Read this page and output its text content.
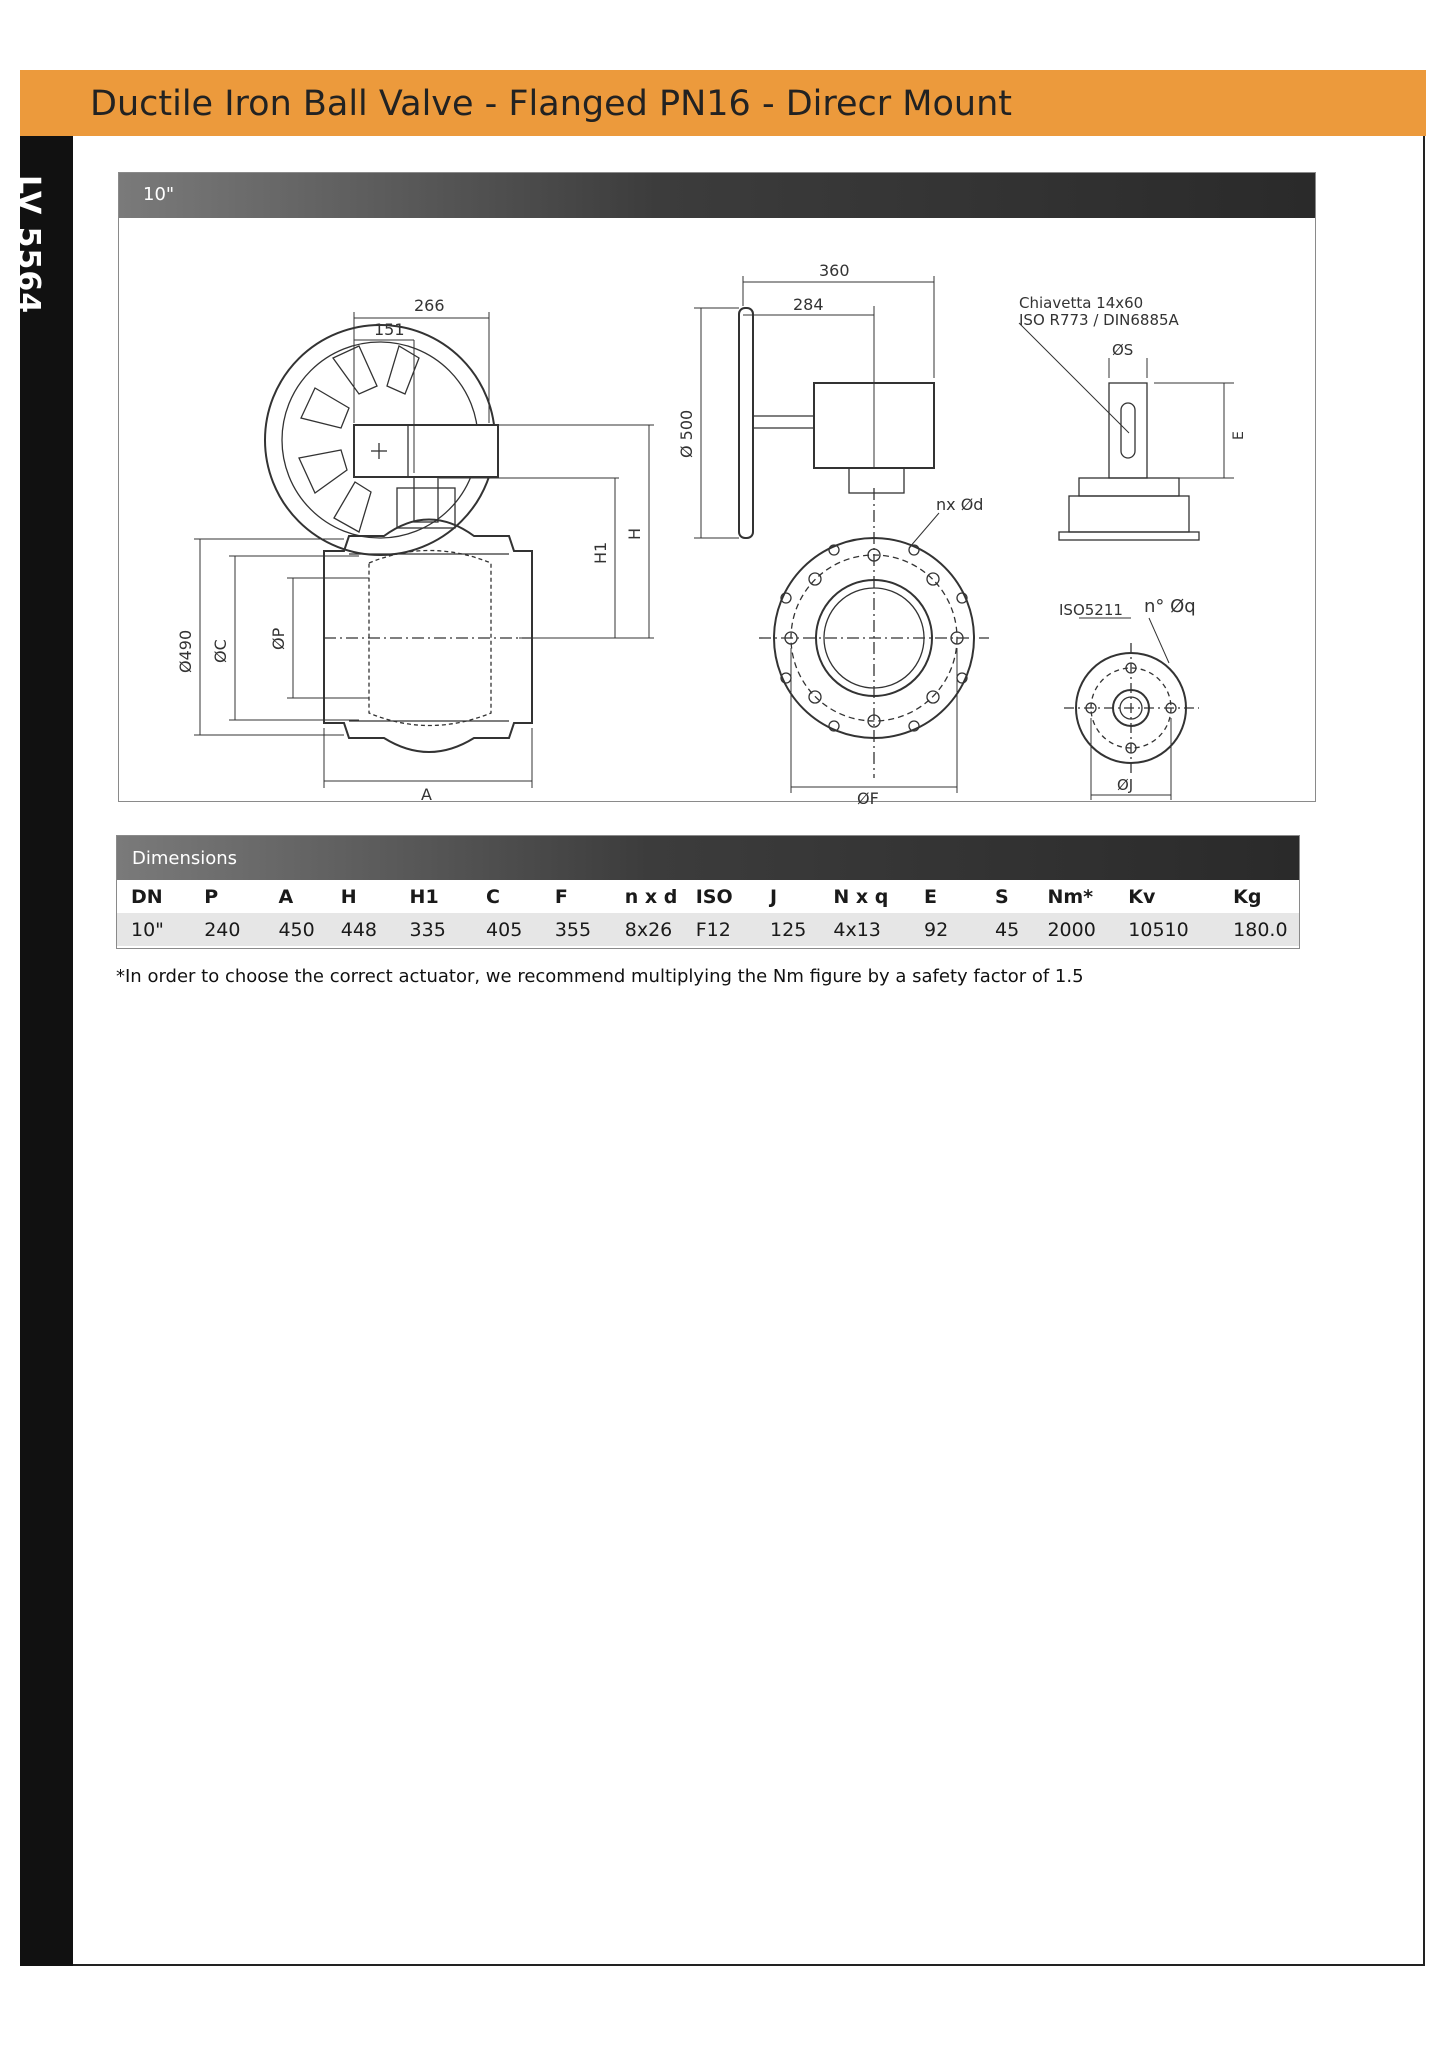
Ductile Iron Ball Valve - Flanged PN16 - Direcr Mount
LV 5564	10"
266
151
H1
H
A
Ø490 ØC
ØP
360
284
Ø 500
ØF
nx Ød
Chiavetta 14x60
ISO R773 / DIN6885A
ØS
E
ISO5211 n° Øq
ØJ
Dimensions
DN	P	A	H	H1	C	F	n x d	ISO	J	N x q	E	S	Nm*	Kv	Kg
10"	240	450	448	335	405	355	8x26	F12	125	4x13	92	45	2000	10510	180.0
*In order to choose the correct actuator, we recommend multiplying the Nm figure by a safety factor of 1.5
